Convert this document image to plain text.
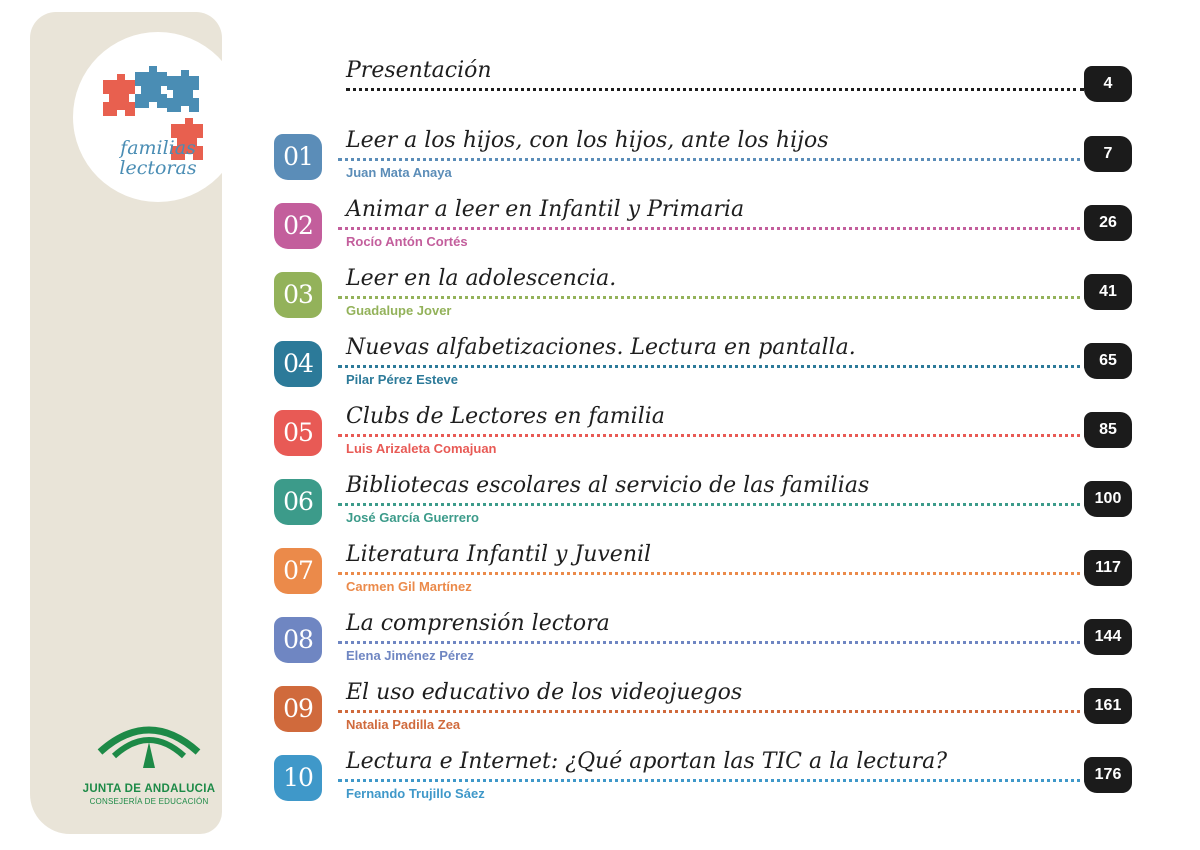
familias
lectoras
JUNTA DE ANDALUCIA
CONSEJERÍA DE EDUCACIÓN
Presentación
4
01
Leer a los hijos, con los hijos, ante los hijos
Juan Mata Anaya
7
02
Animar a leer en Infantil y Primaria
Rocío Antón Cortés
26
03
Leer en la adolescencia.
Guadalupe Jover
41
04
Nuevas alfabetizaciones. Lectura en pantalla.
Pilar Pérez Esteve
65
05
Clubs de Lectores en familia
Luis Arizaleta Comajuan
85
06
Bibliotecas escolares al servicio de las familias
José García Guerrero
100
07
Literatura Infantil y Juvenil
Carmen Gil Martínez
117
08
La comprensión lectora
Elena Jiménez Pérez
144
09
El uso educativo de los videojuegos
Natalia Padilla Zea
161
10
Lectura e Internet: ¿Qué aportan las TIC a la lectura?
Fernando Trujillo Sáez
176
